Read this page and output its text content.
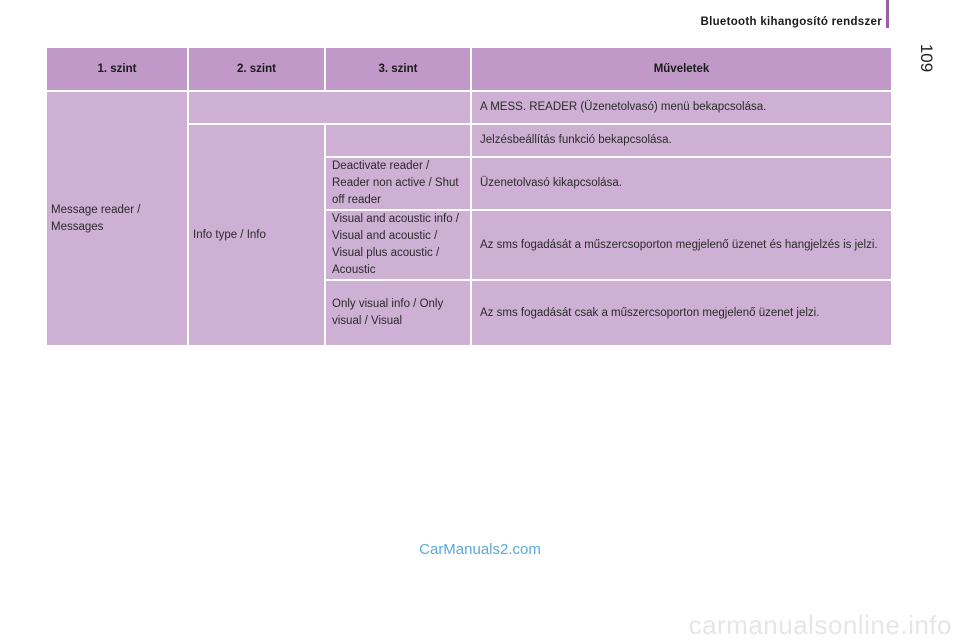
Bluetooth kihangosító rendszer
109
1. szint	2. szint	3. szint	Műveletek
Message reader / Messages			A MESS. READER (Üzenetolvasó) menü bekapcsolása.
	Info type / Info		Jelzésbeállítás funkció bekapcsolása.
		Deactivate reader / Reader non active / Shut off reader	Üzenetolvasó kikapcsolása.
		Visual and acoustic info / Visual and acoustic / Visual plus acoustic / Acoustic	Az sms fogadását a műszercsoporton megjelenő üzenet és hangjelzés is jelzi.
		Only visual info / Only visual / Visual	Az sms fogadását csak a műszercsoporton megjelenő üzenet jelzi.
CarManuals2.com
carmanualsonline.info
